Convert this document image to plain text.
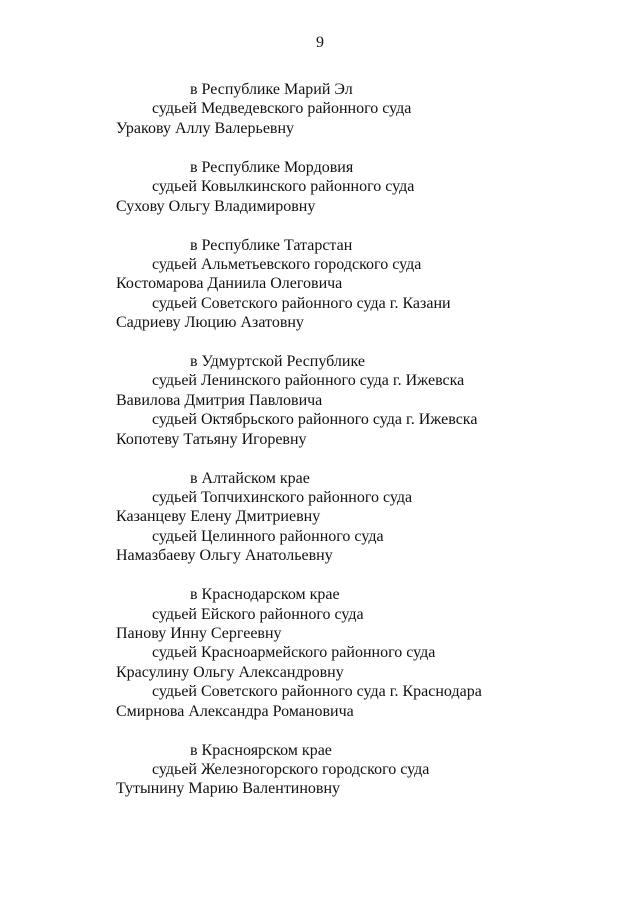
9
в Республике Марий Эл
судьей Медведевского районного суда
Уракову Аллу Валерьевну
в Республике Мордовия
судьей Ковылкинского районного суда
Сухову Ольгу Владимировну
в Республике Татарстан
судьей Альметьевского городского суда
Костомарова Даниила Олеговича
судьей Советского районного суда г. Казани
Садриеву Люцию Азатовну
в Удмуртской Республике
судьей Ленинского районного суда г. Ижевска
Вавилова Дмитрия Павловича
судьей Октябрьского районного суда г. Ижевска
Копотеву Татьяну Игоревну
в Алтайском крае
судьей Топчихинского районного суда
Казанцеву Елену Дмитриевну
судьей Целинного районного суда
Намазбаеву Ольгу Анатольевну
в Краснодарском крае
судьей Ейского районного суда
Панову Инну Сергеевну
судьей Красноармейского районного суда
Красулину Ольгу Александровну
судьей Советского районного суда г. Краснодара
Смирнова Александра Романовича
в Красноярском крае
судьей Железногорского городского суда
Тутынину Марию Валентиновну
